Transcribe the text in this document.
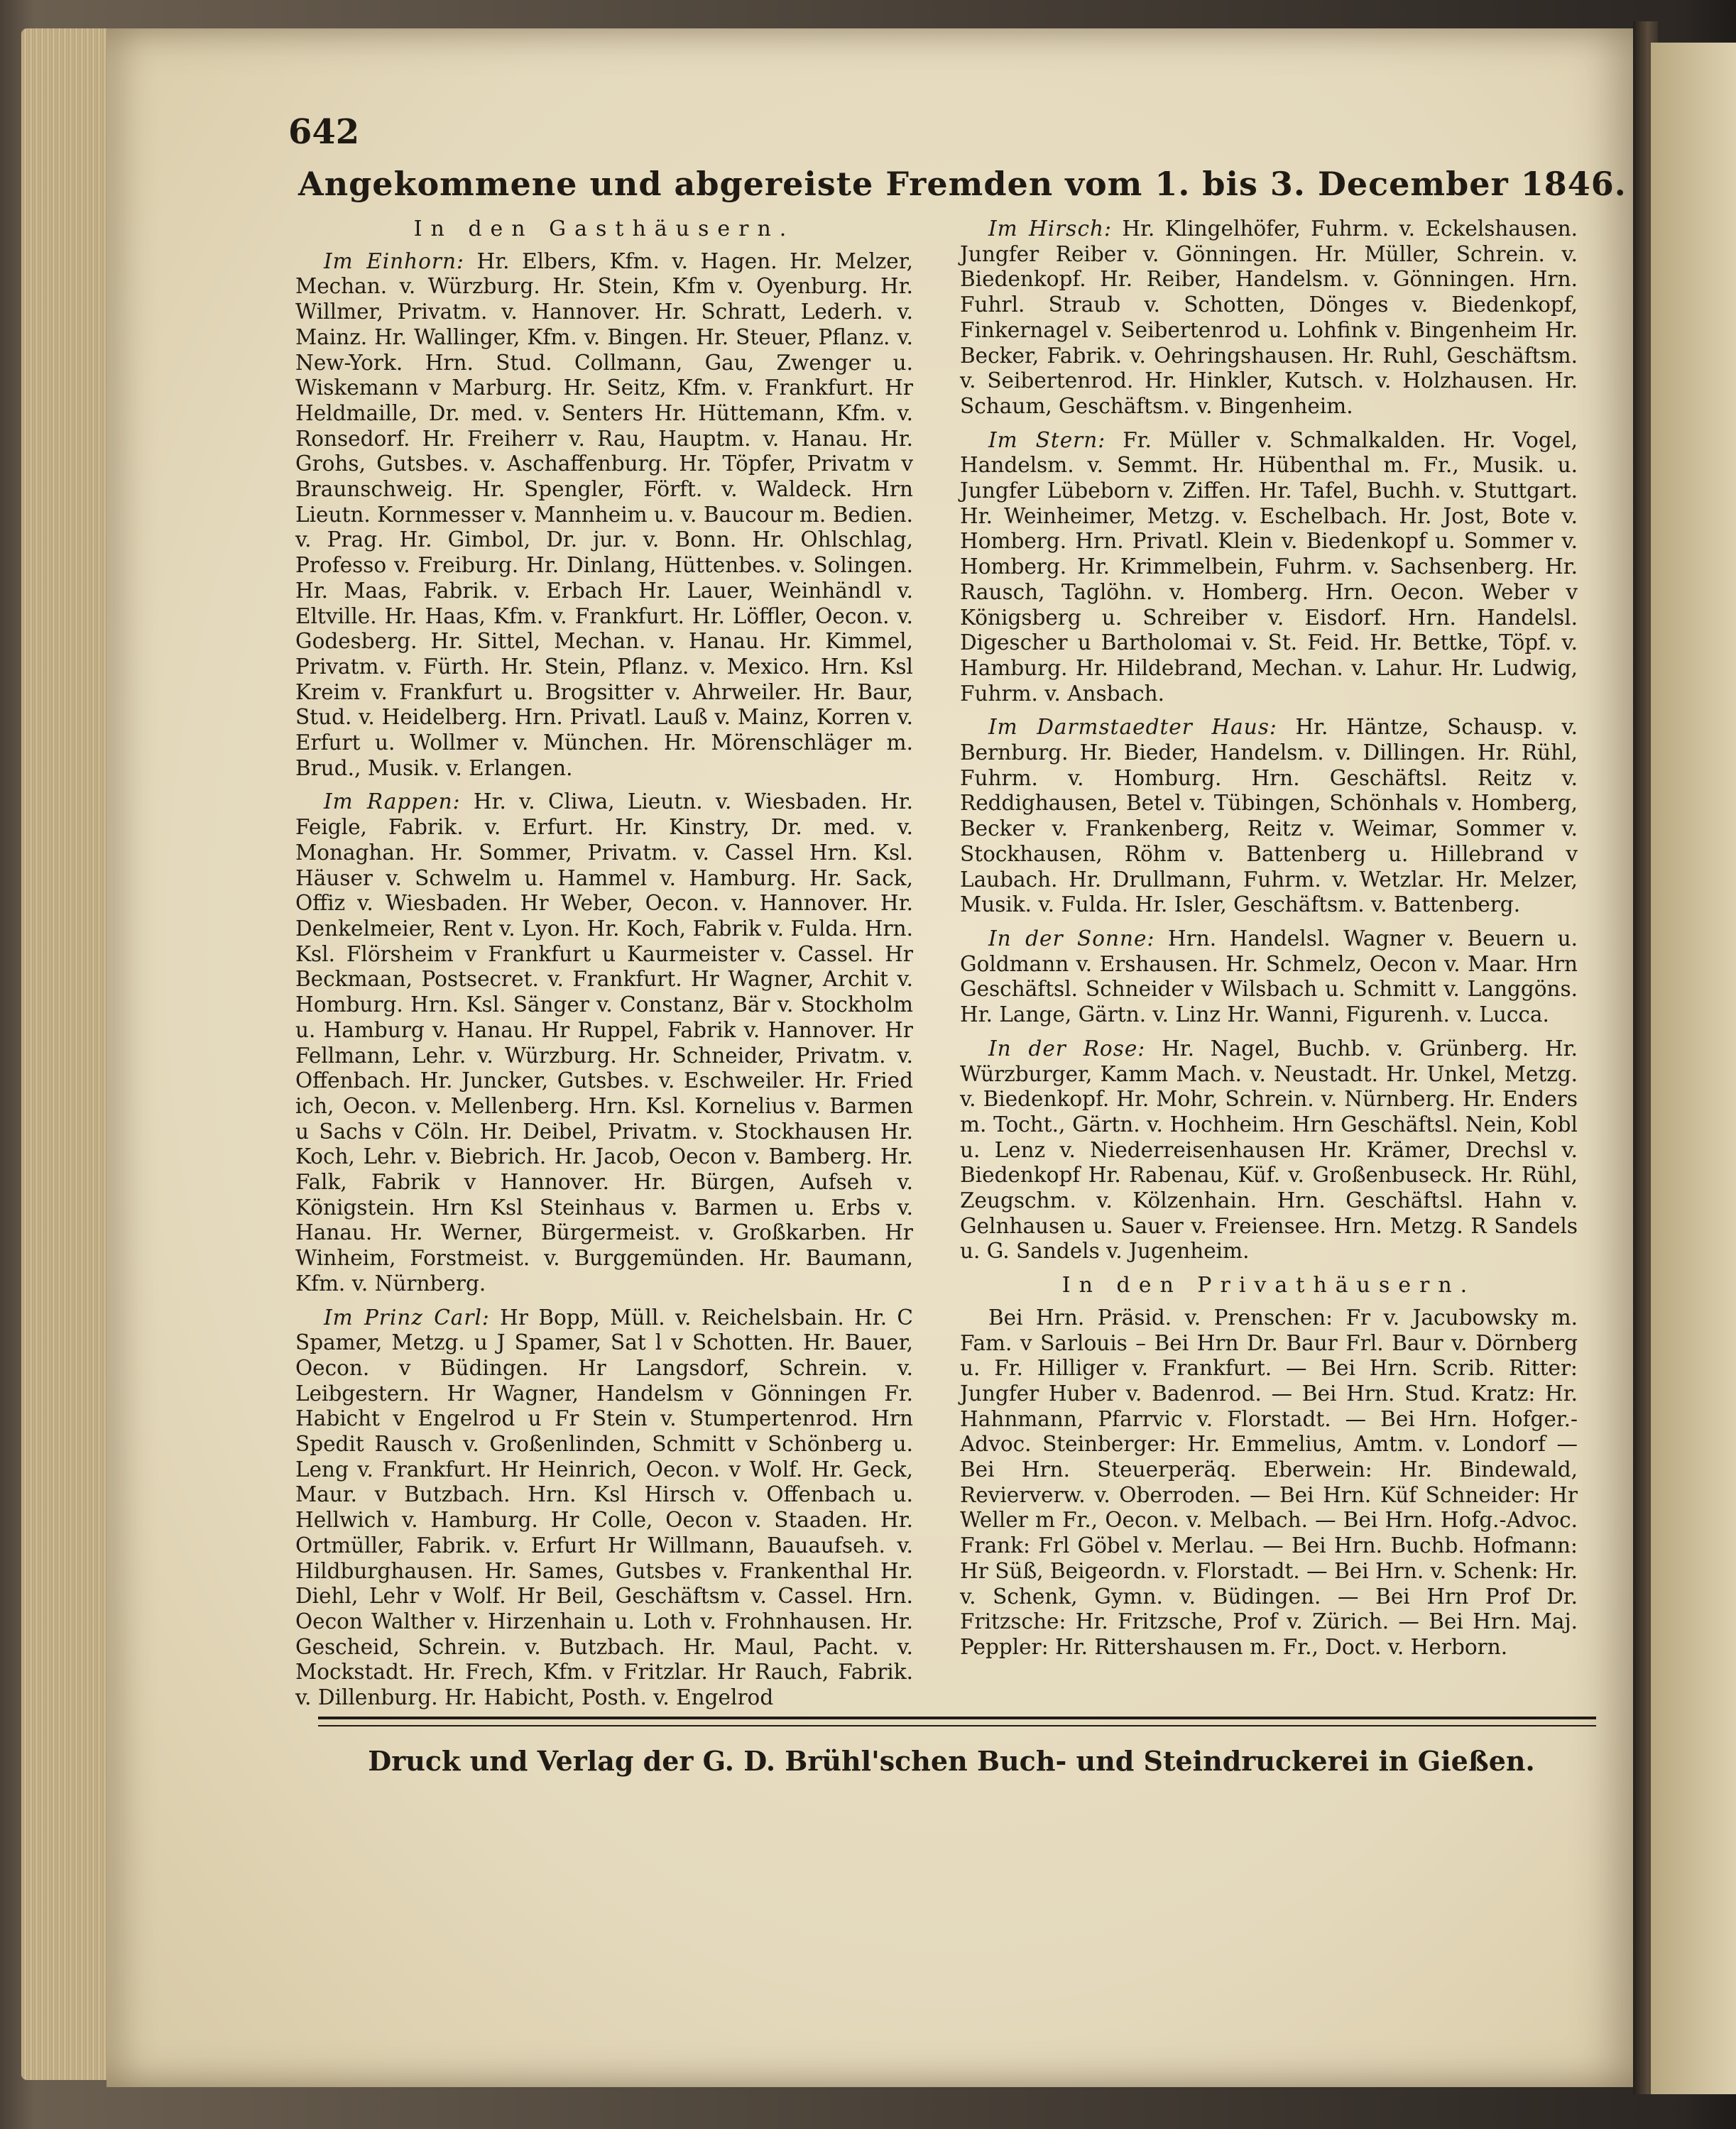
642
Angekommene und abgereiste Fremden vom 1. bis 3. December 1846.
In den Gasthäusern.

Im Einhorn: Hr. Elbers, Kfm. v. Hagen. Hr. Melzer, Mechan. v. Würzburg. Hr. Stein, Kfm v. Oyenburg. Hr. Willmer, Privatm. v. Hannover. Hr. Schratt, Lederh. v. Mainz. Hr. Wallinger, Kfm. v. Bingen. Hr. Steuer, Pflanz. v. New-York. Hrn. Stud. Collmann, Gau, Zwenger u. Wiskemann v Marburg. Hr. Seitz, Kfm. v. Frankfurt. Hr Heldmaille, Dr. med. v. Senters Hr. Hüttemann, Kfm. v. Ronsedorf. Hr. Freiherr v. Rau, Hauptm. v. Hanau. Hr. Grohs, Gutsbes. v. Aschaffenburg. Hr. Töpfer, Privatm v Braunschweig. Hr. Spengler, Förft. v. Waldeck. Hrn Lieutn. Kornmesser v. Mannheim u. v. Baucour m. Bedien. v. Prag. Hr. Gimbol, Dr. jur. v. Bonn. Hr. Ohlschlag, Professo v. Freiburg. Hr. Dinlang, Hüttenbes. v. Solingen. Hr. Maas, Fabrik. v. Erbach Hr. Lauer, Weinhändl v. Eltville. Hr. Haas, Kfm. v. Frankfurt. Hr. Löffler, Oecon. v. Godesberg. Hr. Sittel, Mechan. v. Hanau. Hr. Kimmel, Privatm. v. Fürth. Hr. Stein, Pflanz. v. Mexico. Hrn. Ksl Kreim v. Frankfurt u. Brogsitter v. Ahrweiler. Hr. Baur, Stud. v. Heidelberg. Hrn. Privatl. Lauß v. Mainz, Korren v. Erfurt u. Wollmer v. München. Hr. Mörenschläger m. Brud., Musik. v. Erlangen.

Im Rappen: Hr. v. Cliwa, Lieutn. v. Wiesbaden. Hr. Feigle, Fabrik. v. Erfurt. Hr. Kinstry, Dr. med. v. Monaghan. Hr. Sommer, Privatm. v. Cassel Hrn. Ksl. Häuser v. Schwelm u. Hammel v. Hamburg. Hr. Sack, Offiz v. Wiesbaden. Hr Weber, Oecon. v. Hannover. Hr. Denkelmeier, Rent v. Lyon. Hr. Koch, Fabrik v. Fulda. Hrn. Ksl. Flörsheim v Frankfurt u Kaurmeister v. Cassel. Hr Beckmaan, Postsecret. v. Frankfurt. Hr Wagner, Archit v. Homburg. Hrn. Ksl. Sänger v. Constanz, Bär v. Stockholm u. Hamburg v. Hanau. Hr Ruppel, Fabrik v. Hannover. Hr Fellmann, Lehr. v. Würzburg. Hr. Schneider, Privatm. v. Offenbach. Hr. Juncker, Gutsbes. v. Eschweiler. Hr. Fried ich, Oecon. v. Mellenberg. Hrn. Ksl. Kornelius v. Barmen u Sachs v Cöln. Hr. Deibel, Privatm. v. Stockhausen Hr. Koch, Lehr. v. Biebrich. Hr. Jacob, Oecon v. Bamberg. Hr. Falk, Fabrik v Hannover. Hr. Bürgen, Aufseh v. Königstein. Hrn Ksl Steinhaus v. Barmen u. Erbs v. Hanau. Hr. Werner, Bürgermeist. v. Großkarben. Hr Winheim, Forstmeist. v. Burggemünden. Hr. Baumann, Kfm. v. Nürnberg.

Im Prinz Carl: Hr Bopp, Müll. v. Reichelsbain. Hr. C Spamer, Metzg. u J Spamer, Sat l v Schotten. Hr. Bauer, Oecon. v Büdingen. Hr Langsdorf, Schrein. v. Leibgestern. Hr Wagner, Handelsm v Gönningen Fr. Habicht v Engelrod u Fr Stein v. Stumpertenrod. Hrn Spedit Rausch v. Großenlinden, Schmitt v Schönberg u. Leng v. Frankfurt. Hr Heinrich, Oecon. v Wolf. Hr. Geck, Maur. v Butzbach. Hrn. Ksl Hirsch v. Offenbach u. Hellwich v. Hamburg. Hr Colle, Oecon v. Staaden. Hr. Ortmüller, Fabrik. v. Erfurt Hr Willmann, Bauaufseh. v. Hildburghausen. Hr. Sames, Gutsbes v. Frankenthal Hr. Diehl, Lehr v Wolf. Hr Beil, Geschäftsm v. Cassel. Hrn. Oecon Walther v. Hirzenhain u. Loth v. Frohnhausen. Hr. Gescheid, Schrein. v. Butzbach. Hr. Maul, Pacht. v. Mockstadt. Hr. Frech, Kfm. v Fritzlar. Hr Rauch, Fabrik. v. Dillenburg. Hr. Habicht, Posth. v. Engelrod

Im Hirsch: Hr. Klingelhöfer, Fuhrm. v. Eckelshausen. Jungfer Reiber v. Gönningen. Hr. Müller, Schrein. v. Biedenkopf. Hr. Reiber, Handelsm. v. Gönningen. Hrn. Fuhrl. Straub v. Schotten, Dönges v. Biedenkopf, Finkernagel v. Seibertenrod u. Lohfink v. Bingenheim Hr. Becker, Fabrik. v. Oehringshausen. Hr. Ruhl, Geschäftsm. v. Seibertenrod. Hr. Hinkler, Kutsch. v. Holzhausen. Hr. Schaum, Geschäftsm. v. Bingenheim.

Im Stern: Fr. Müller v. Schmalkalden. Hr. Vogel, Handelsm. v. Semmt. Hr. Hübenthal m. Fr., Musik. u. Jungfer Lübeborn v. Ziffen. Hr. Tafel, Buchh. v. Stuttgart. Hr. Weinheimer, Metzg. v. Eschelbach. Hr. Jost, Bote v. Homberg. Hrn. Privatl. Klein v. Biedenkopf u. Sommer v. Homberg. Hr. Krimmelbein, Fuhrm. v. Sachsenberg. Hr. Rausch, Taglöhn. v. Homberg. Hrn. Oecon. Weber v Königsberg u. Schreiber v. Eisdorf. Hrn. Handelsl. Digescher u Bartholomai v. St. Feid. Hr. Bettke, Töpf. v. Hamburg. Hr. Hildebrand, Mechan. v. Lahur. Hr. Ludwig, Fuhrm. v. Ansbach.

Im Darmstaedter Haus: Hr. Häntze, Schausp. v. Bernburg. Hr. Bieder, Handelsm. v. Dillingen. Hr. Rühl, Fuhrm. v. Homburg. Hrn. Geschäftsl. Reitz v. Reddighausen, Betel v. Tübingen, Schönhals v. Homberg, Becker v. Frankenberg, Reitz v. Weimar, Sommer v. Stockhausen, Röhm v. Battenberg u. Hillebrand v Laubach. Hr. Drullmann, Fuhrm. v. Wetzlar. Hr. Melzer, Musik. v. Fulda. Hr. Isler, Geschäftsm. v. Battenberg.

In der Sonne: Hrn. Handelsl. Wagner v. Beuern u. Goldmann v. Ershausen. Hr. Schmelz, Oecon v. Maar. Hrn Geschäftsl. Schneider v Wilsbach u. Schmitt v. Langgöns. Hr. Lange, Gärtn. v. Linz Hr. Wanni, Figurenh. v. Lucca.

In der Rose: Hr. Nagel, Buchb. v. Grünberg. Hr. Würzburger, Kamm Mach. v. Neustadt. Hr. Unkel, Metzg. v. Biedenkopf. Hr. Mohr, Schrein. v. Nürnberg. Hr. Enders m. Tocht., Gärtn. v. Hochheim. Hrn Geschäftsl. Nein, Kobl u. Lenz v. Niederreisenhausen Hr. Krämer, Drechsl v. Biedenkopf Hr. Rabenau, Küf. v. Großenbuseck. Hr. Rühl, Zeugschm. v. Kölzenhain. Hrn. Geschäftsl. Hahn v. Gelnhausen u. Sauer v. Freiensee. Hrn. Metzg. R Sandels u. G. Sandels v. Jugenheim.

In den Privathäusern.

Bei Hrn. Präsid. v. Prenschen: Fr v. Jacubowsky m. Fam. v Sarlouis – Bei Hrn Dr. Baur Frl. Baur v. Dörnberg u. Fr. Hilliger v. Frankfurt. — Bei Hrn. Scrib. Ritter: Jungfer Huber v. Badenrod. — Bei Hrn. Stud. Kratz: Hr. Hahnmann, Pfarrvic v. Florstadt. — Bei Hrn. Hofger.-Advoc. Steinberger: Hr. Emmelius, Amtm. v. Londorf — Bei Hrn. Steuerperäq. Eberwein: Hr. Bindewald, Revierverw. v. Oberroden. — Bei Hrn. Küf Schneider: Hr Weller m Fr., Oecon. v. Melbach. — Bei Hrn. Hofg.-Advoc. Frank: Frl Göbel v. Merlau. — Bei Hrn. Buchb. Hofmann: Hr Süß, Beigeordn. v. Florstadt. — Bei Hrn. v. Schenk: Hr. v. Schenk, Gymn. v. Büdingen. — Bei Hrn Prof Dr. Fritzsche: Hr. Fritzsche, Prof v. Zürich. — Bei Hrn. Maj. Peppler: Hr. Rittershausen m. Fr., Doct. v. Herborn.

Druck und Verlag der G. D. Brühl'schen Buch- und Steindruckerei in Gießen.
